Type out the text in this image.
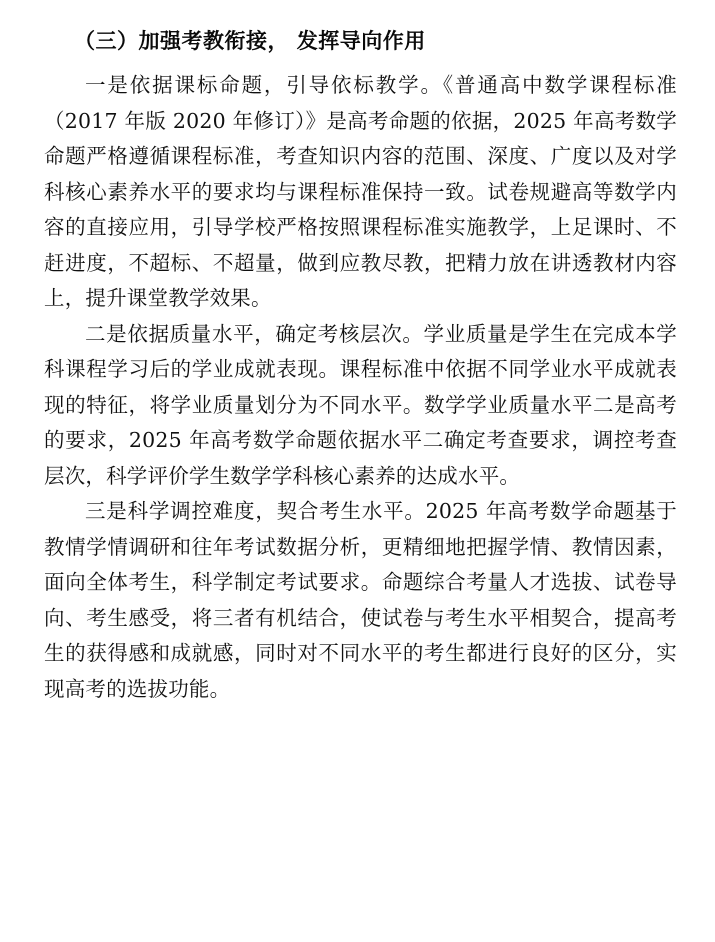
（三）加强考教衔接， 发挥导向作用

一是依据课标命题，引导依标教学。《普通高中数学课程标准（2017 年版 2020 年修订）》是高考命题的依据，2025 年高考数学命题严格遵循课程标准，考查知识内容的范围、深度、广度以及对学科核心素养水平的要求均与课程标准保持一致。试卷规避高等数学内容的直接应用，引导学校严格按照课程标准实施教学，上足课时、不赶进度，不超标、不超量，做到应教尽教，把精力放在讲透教材内容上，提升课堂教学效果。

二是依据质量水平，确定考核层次。学业质量是学生在完成本学科课程学习后的学业成就表现。课程标准中依据不同学业水平成就表现的特征，将学业质量划分为不同水平。数学学业质量水平二是高考的要求，2025 年高考数学命题依据水平二确定考查要求，调控考查层次，科学评价学生数学学科核心素养的达成水平。

三是科学调控难度，契合考生水平。2025 年高考数学命题基于教情学情调研和往年考试数据分析，更精细地把握学情、教情因素，面向全体考生，科学制定考试要求。命题综合考量人才选拔、试卷导向、考生感受，将三者有机结合，使试卷与考生水平相契合，提高考生的获得感和成就感，同时对不同水平的考生都进行良好的区分，实现高考的选拔功能。
